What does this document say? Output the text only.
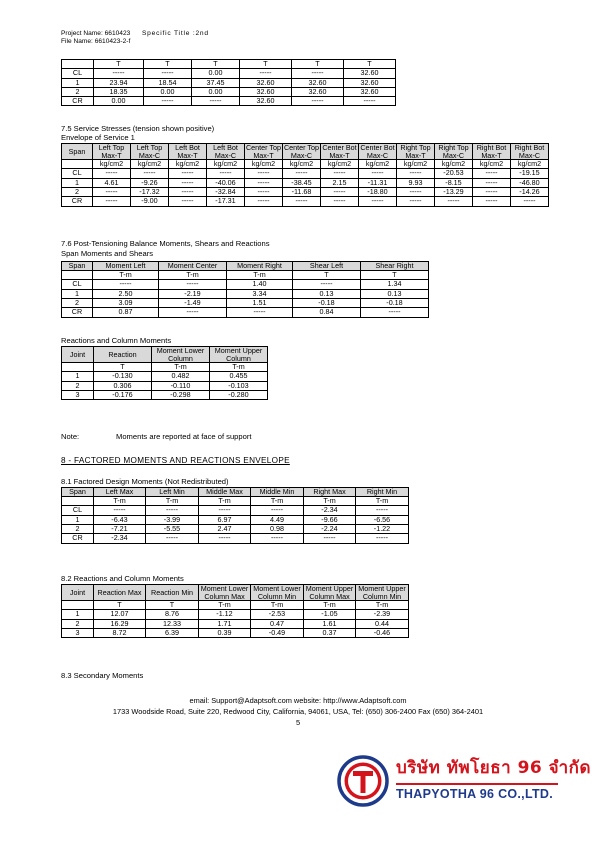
Project Name: 6610423 Specific Title :2nd
File Name: 6610423-2-f
	T	T	T	T	T	T
CL	-----	-----	0.00	-----	-----	32.60
1	23.94	18.54	37.45	32.60	32.60	32.60
2	18.35	0.00	0.00	32.60	32.60	32.60
CR	0.00	-----	-----	32.60	-----	-----
7.5 Service Stresses (tension shown positive)
Envelope of Service 1
Span	Left Top Max-T	Left Top Max-C	Left Bot Max-T	Left Bot Max-C	Center Top Max-T	Center Top Max-C	Center Bot Max-T	Center Bot Max-C	Right Top Max-T	Right Top Max-C	Right Bot Max-T	Right Bot Max-C
	kg/cm2	kg/cm2	kg/cm2	kg/cm2	kg/cm2	kg/cm2	kg/cm2	kg/cm2	kg/cm2	kg/cm2	kg/cm2	kg/cm2
CL	-----	-----	-----	-----	-----	-----	-----	-----	-----	-20.53	-----	-19.15
1	4.61	-9.26	-----	-40.06	-----	-38.45	2.15	-11.31	9.93	-8.15	-----	-46.80
2	-----	-17.32	-----	-32.84	-----	-11.68	-----	-18.80	-----	-13.29	-----	-14.26
CR	-----	-9.00	-----	-17.31	-----	-----	-----	-----	-----	-----	-----	-----
7.6 Post-Tensioning Balance Moments, Shears and Reactions
Span Moments and Shears
Span	Moment Left	Moment Center	Moment Right	Shear Left	Shear Right
	T-m	T-m	T-m	T	T
CL	-----	-----	1.40	-----	1.34
1	2.50	-2.19	3.34	0.13	0.13
2	3.09	-1.49	1.51	-0.18	-0.18
CR	0.87	-----	-----	0.84	-----
Reactions and Column Moments
Joint	Reaction	Moment Lower Column	Moment Upper Column
	T	T-m	T-m
1	-0.130	0.482	0.455
2	0.306	-0.110	-0.103
3	-0.176	-0.298	-0.280
Note:	Moments are reported at face of support
8 - FACTORED MOMENTS AND REACTIONS ENVELOPE
8.1 Factored Design Moments (Not Redistributed)
Span	Left Max	Left Min	Middle Max	Middle Min	Right Max	Right Min
	T-m	T-m	T-m	T-m	T-m	T-m
CL	-----	-----	-----	-----	-2.34	-----
1	-6.43	-3.99	6.97	4.49	-9.66	-6.56
2	-7.21	-5.55	2.47	0.98	-2.24	-1.22
CR	-2.34	-----	-----	-----	-----	-----
8.2 Reactions and Column Moments
Joint	Reaction Max	Reaction Min	Moment Lower Column Max	Moment Lower Column Min	Moment Upper Column Max	Moment Upper Column Min
	T	T	T-m	T-m	T-m	T-m
1	12.07	8.76	-1.12	-2.53	-1.05	-2.39
2	16.29	12.33	1.71	0.47	1.61	0.44
3	8.72	6.39	0.39	-0.49	0.37	-0.46
8.3 Secondary Moments
email: Support@Adaptsoft.com website: http://www.Adaptsoft.com
1733 Woodside Road, Suite 220, Redwood City, California, 94061, USA, Tel: (650) 306-2400 Fax (650) 364-2401
5
บริษัท ทัพโยธา 96 จำกัด
THAPYOTHA 96 CO.,LTD.
